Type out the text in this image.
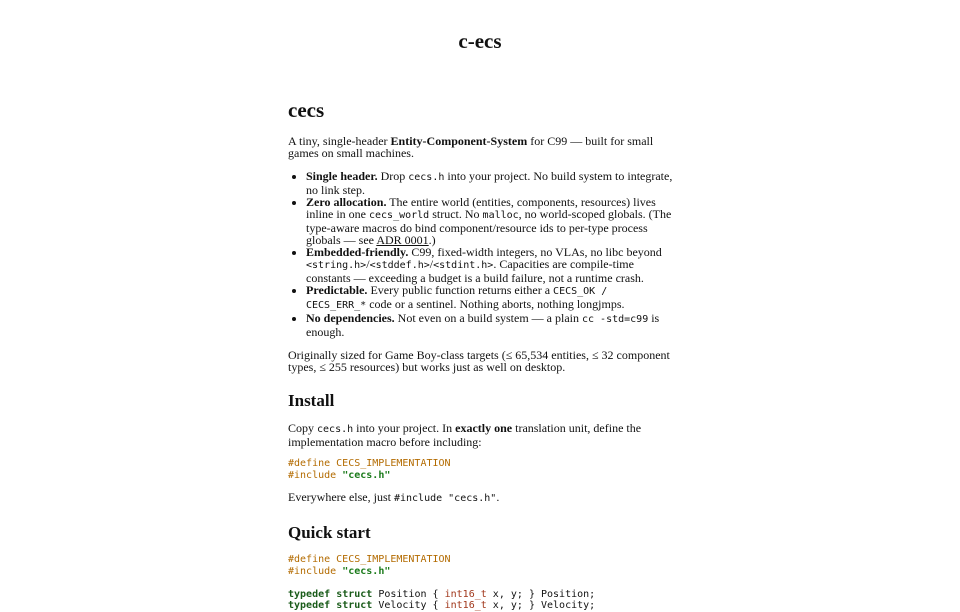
c-ecs
cecs

A tiny, single-header Entity-Component-System for C99 — built for small games on small machines.

• Single header. Drop cecs.h into your project. No build system to integrate, no link step.
• Zero allocation. The entire world (entities, components, resources) lives inline in one cecs_world struct. No malloc, no world-scoped globals. (The type-aware macros do bind component/resource ids to per-type process globals — see ADR 0001.)
• Embedded-friendly. C99, fixed-width integers, no VLAs, no libc beyond <string.h>/<stddef.h>/<stdint.h>. Capacities are compile-time constants — exceeding a budget is a build failure, not a runtime crash.
• Predictable. Every public function returns either a CECS_OK / CECS_ERR_* code or a sentinel. Nothing aborts, nothing longjmps.
• No dependencies. Not even on a build system — a plain cc -std=c99 is enough.

Originally sized for Game Boy-class targets (≤ 65,534 entities, ≤ 32 component types, ≤ 255 resources) but works just as well on desktop.

Install

Copy cecs.h into your project. In exactly one translation unit, define the implementation macro before including:

#define CECS_IMPLEMENTATION
#include "cecs.h"

Everywhere else, just #include "cecs.h".

Quick start
#define CECS_IMPLEMENTATION
#include "cecs.h"

typedef struct Position { int16_t x, y; } Position;
typedef struct Velocity { int16_t x, y; } Velocity;
